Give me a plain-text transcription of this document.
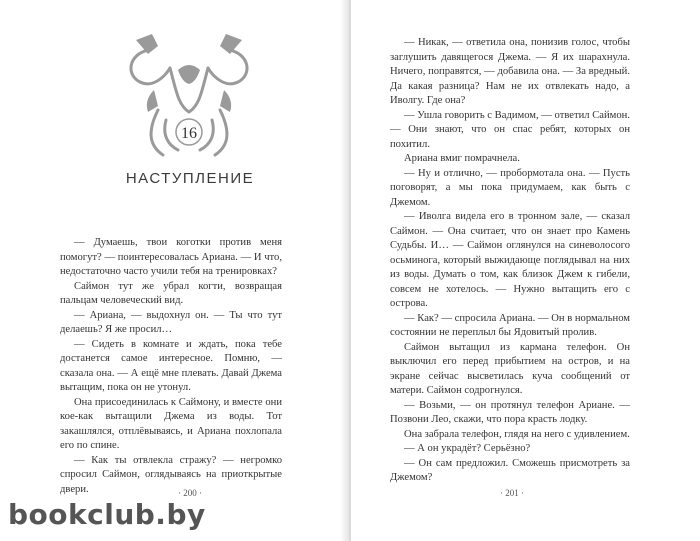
16
НАСТУПЛЕНИЕ

— Думаешь, твои коготки против меня помогут? — поинтересовалась Ариана. — И что, недостаточно часто учили тебя на тренировках?

Саймон тут же убрал когти, возвращая пальцам человеческий вид.

— Ариана, — выдохнул он. — Ты что тут делаешь? Я же просил…

— Сидеть в комнате и ждать, пока тебе достанется самое интересное. Помню, — сказала она. — А ещё мне плевать. Давай Джема вытащим, пока он не утонул.

Она присоединилась к Саймону, и вместе они кое-как вытащили Джема из воды. Тот закашлялся, отплёвываясь, и Ариана похлопала его по спине.

— Как ты отвлекла стражу? — негромко спросил Саймон, оглядываясь на приоткрытые двери.	· 200 ·

— Никак, — ответила она, понизив голос, чтобы заглушить давящегося Джема. — Я их шарахнула. Ничего, поправятся, — добавила она. — За вредный. Да какая разница? Нам не их отвлекать надо, а Иволгу. Где она?

— Ушла говорить с Вадимом, — ответил Саймон. — Они знают, что он спас ребят, которых он похитил.

Ариана вмиг помрачнела.

— Ну и отлично, — пробормотала она. — Пусть поговорят, а мы пока придумаем, как быть с Джемом.

— Иволга видела его в тронном зале, — сказал Саймон. — Она считает, что он знает про Камень Судьбы. И… — Саймон оглянулся на синеволосого осьминога, который выжидающе поглядывал на них из воды. Думать о том, как близок Джем к гибели, совсем не хотелось. — Нужно вытащить его с острова.

— Как? — спросила Ариана. — Он в нормальном состоянии не переплыл бы Ядовитый пролив.

Саймон вытащил из кармана телефон. Он выключил его перед прибытием на остров, и на экране сейчас высветилась куча сообщений от матери. Саймон содрогнулся.

— Возьми, — он протянул телефон Ариане. — Позвони Лео, скажи, что пора красть лодку.

Она забрала телефон, глядя на него с удивлением.

— А он украдёт? Серьёзно?

— Он сам предложил. Сможешь присмотреть за Джемом?

· 201 ·
bookclub.by
